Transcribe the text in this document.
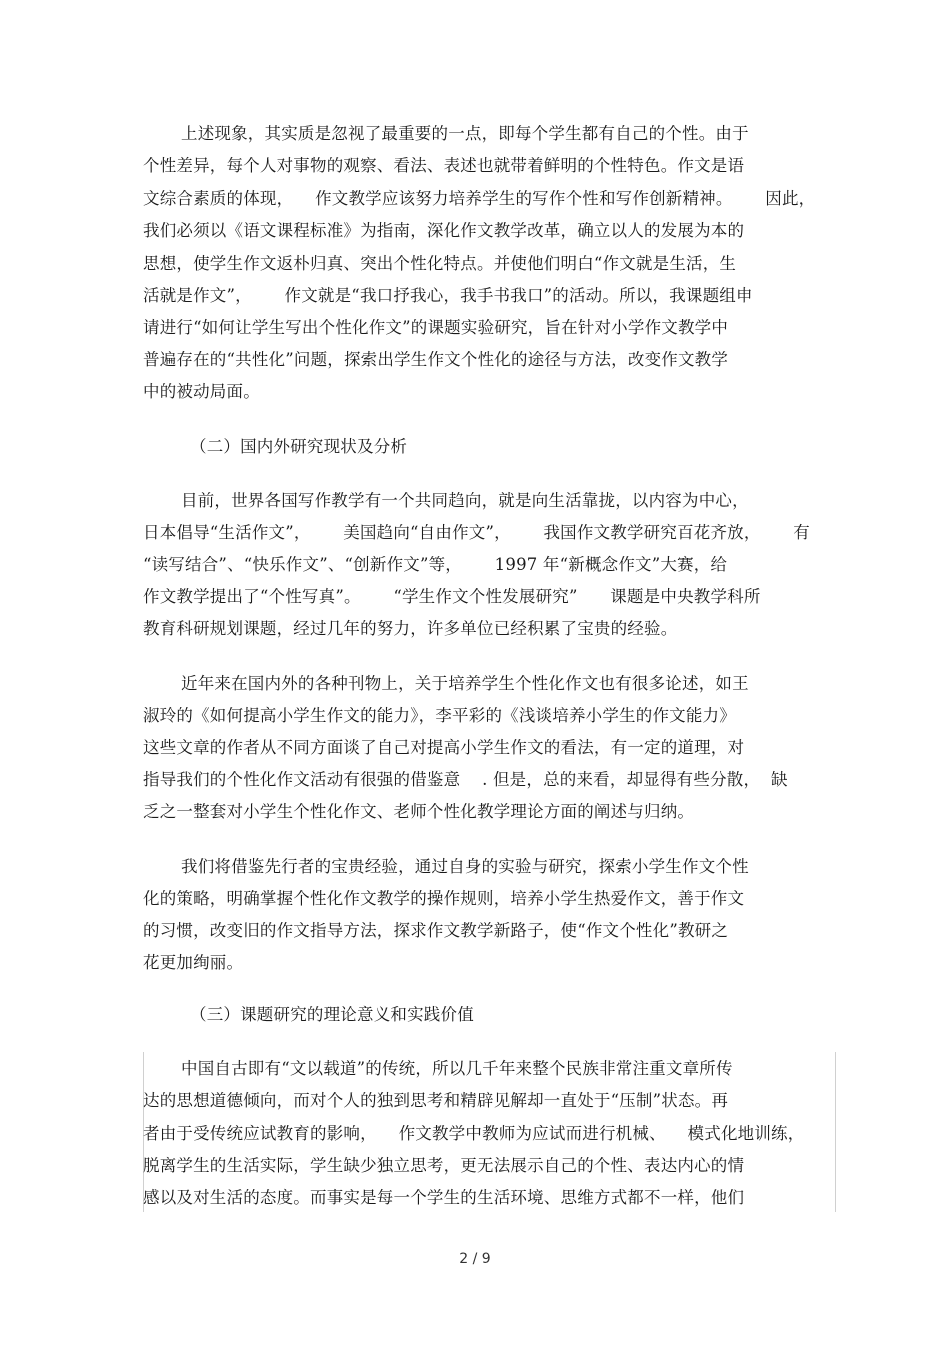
上述现象，其实质是忽视了最重要的一点，即每个学生都有自己的个性。由于
个性差异，每个人对事物的观察、看法、表述也就带着鲜明的个性特色。作文是语
文综合素质的体现，    作文教学应该努力培养学生的写作个性和写作创新精神。      因此，
我们必须以《语文课程标准》为指南，深化作文教学改革，确立以人的发展为本的
思想，使学生作文返朴归真、突出个性化特点。并使他们明白“作文就是生活，生
活就是作文”，      作文就是“我口抒我心，我手书我口”的活动。所以，我课题组申
请进行“如何让学生写出个性化作文”的课题实验研究，旨在针对小学作文教学中
普遍存在的“共性化”问题，探索出学生作文个性化的途径与方法，改变作文教学
中的被动局面。
（二）国内外研究现状及分析
目前，世界各国写作教学有一个共同趋向，就是向生活靠拢，以内容为中心，
日本倡导“生活作文”，      美国趋向“自由作文”，      我国作文教学研究百花齐放，      有
“读写结合”、“快乐作文”、“创新作文”等，      1997 年“新概念作文”大赛，给
作文教学提出了“个性写真”。      “学生作文个性发展研究”      课题是中央教学科所
教育科研规划课题，经过几年的努力，许多单位已经积累了宝贵的经验。
近年来在国内外的各种刊物上，关于培养学生个性化作文也有很多论述，如王
淑玲的《如何提高小学生作文的能力》，李平彩的《浅谈培养小学生的作文能力》
这些文章的作者从不同方面谈了自己对提高小学生作文的看法，有一定的道理，对
指导我们的个性化作文活动有很强的借鉴意    . 但是，总的来看，却显得有些分散，  缺
乏之一整套对小学生个性化作文、老师个性化教学理论方面的阐述与归纳。
我们将借鉴先行者的宝贵经验，通过自身的实验与研究，探索小学生作文个性
化的策略，明确掌握个性化作文教学的操作规则，培养小学生热爱作文，善于作文
的习惯，改变旧的作文指导方法，探求作文教学新路子，使“作文个性化”教研之
花更加绚丽。
（三）课题研究的理论意义和实践价值
中国自古即有“文以载道”的传统，所以几千年来整个民族非常注重文章所传
达的思想道德倾向，而对个人的独到思考和精辟见解却一直处于“压制”状态。再
者由于受传统应试教育的影响，    作文教学中教师为应试而进行机械、    模式化地训练，
脱离学生的生活实际，学生缺少独立思考，更无法展示自己的个性、表达内心的情
感以及对生活的态度。而事实是每一个学生的生活环境、思维方式都不一样，他们
2 / 9
